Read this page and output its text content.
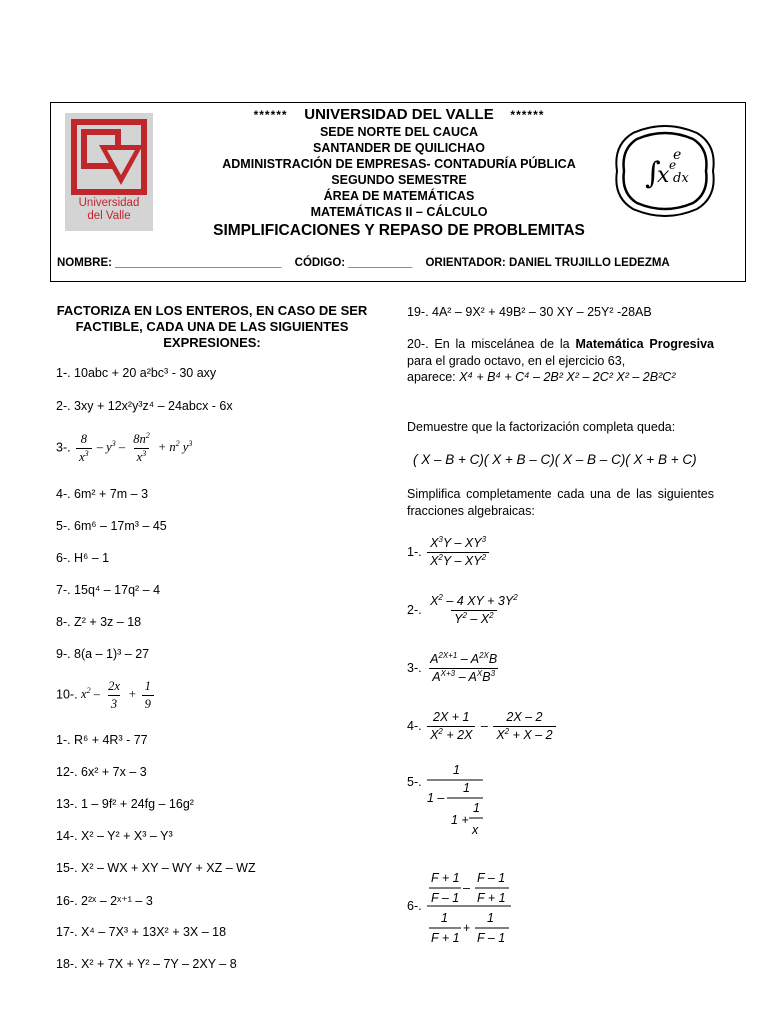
Universidad
del Valle
****** UNIVERSIDAD DEL VALLE ******
SEDE NORTE DEL CAUCA
SANTANDER DE QUILICHAO
ADMINISTRACIÓN DE EMPRESAS- CONTADURÍA PÚBLICA
SEGUNDO SEMESTRE
ÁREA DE MATEMÁTICAS
MATEMÁTICAS II – CÁLCULO
SIMPLIFICACIONES Y REPASO DE PROBLEMITAS
∫
x e
e
dx
NOMBRE: __________________________ CÓDIGO: __________ ORIENTADOR: DANIEL TRUJILLO LEDEZMA
FACTORIZA EN LOS ENTEROS, EN CASO DE SER FACTIBLE, CADA UNA DE LAS SIGUIENTES EXPRESIONES:
1-. 10abc + 20 a²bc³ - 30 axy
2-. 3xy + 12x²y³z⁴ – 24abcx - 6x
3-. $\frac{8}{x^3} - y^3 - \frac{8n^2}{x^3} + n^2$ $y^3$
4-. 6m² + 7m – 3
5-. 6m⁶ – 17m³ – 45
6-. H⁶ – 1
7-. 15q⁴ – 17q² – 4
8-. Z² + 3z – 18
9-. 8(a – 1)³ – 27
10-. $x^2 - \frac{2x}{3} + \frac{1}{9}$
1-. R⁶ + 4R³ - 77
12-. 6x² + 7x – 3
13-. 1 – 9f² + 24fg – 16g²
14-. X² – Y² + X³ – Y³
15-. X² – WX + XY – WY + XZ – WZ
16-. 2²ˣ – 2ˣ⁺¹ – 3
17-. X⁴ – 7X³ + 13X² + 3X – 18
18-. X² + 7X + Y² – 7Y – 2XY – 8
19-. 4A² – 9X² + 49B² – 30 XY – 25Y² -28AB
20-. En la miscelánea de la Matemática Progresiva para el grado octavo, en el ejercicio 63,
aparece: X⁴ + B⁴ + C⁴ – 2B² X² – 2C² X² – 2B²C²
Demuestre que la factorización completa queda:
( X – B + C)( X + B – C)( X – B – C)( X + B + C)
Simplifica completamente cada una de las siguientes fracciones algebraicas:
1-. $\frac{X^3Y - XY^3}{X^2Y - XY^2}$
2-. $\frac{X^2 - 4 XY + 3Y^2}{Y^2 - X^2}$
3-. $\frac{A^{2X+1} - A^{2X}B}{A^{X+3} - A^XB^3}$
4-. $\frac{2X + 1}{X^2 + 2X} - \frac{2X - 2}{X^2 + X - 2}$
5-.
1
1 –
1
1 +
1
x
6-.
F + 1
F – 1
–
F – 1
F + 1
1
F + 1
+
1
F – 1
